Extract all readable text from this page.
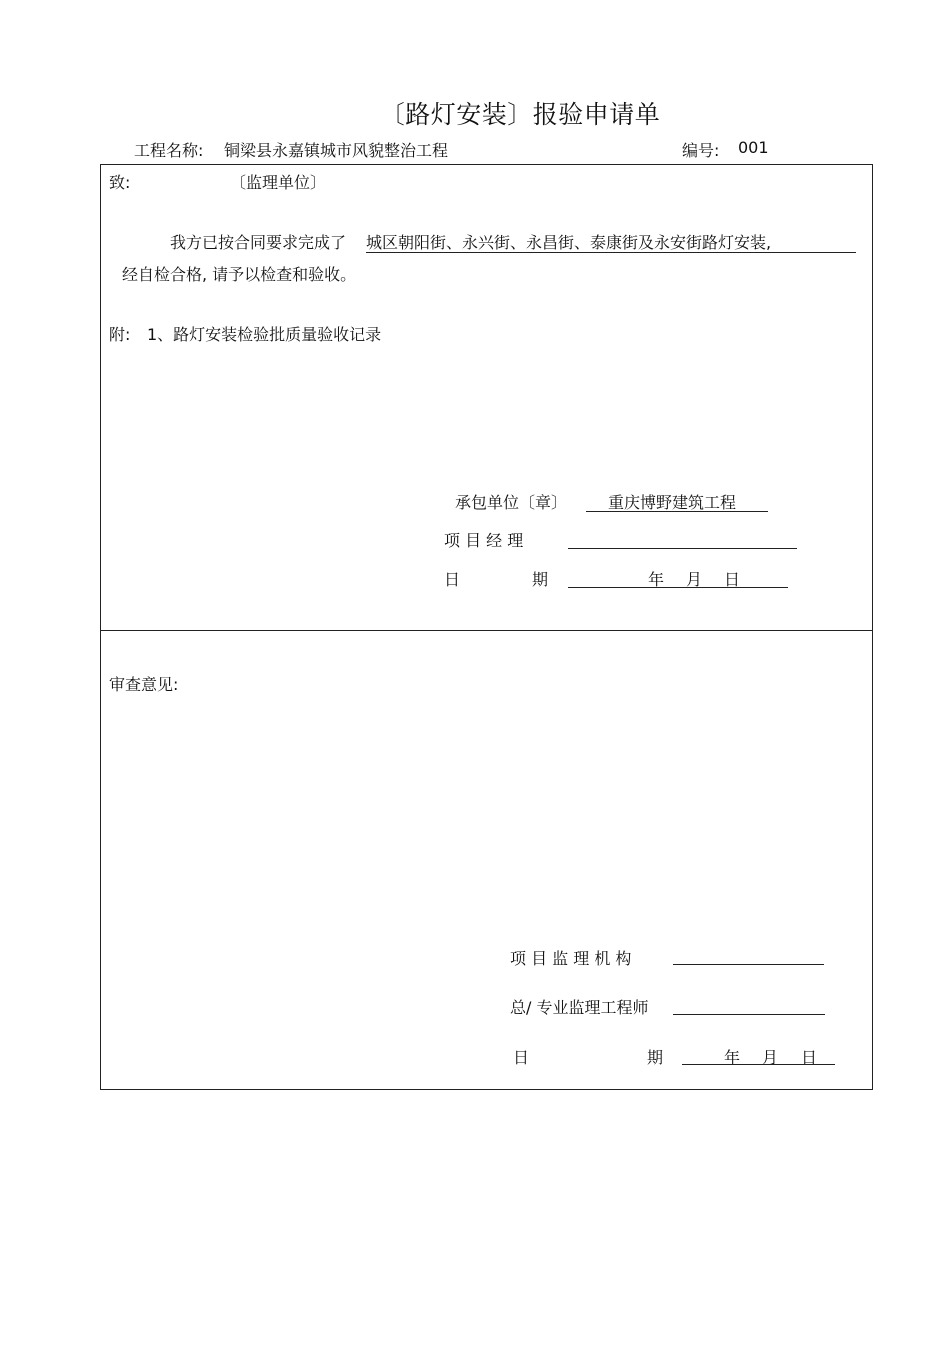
〔路灯安装〕报验申请单
工程名称: 铜梁县永嘉镇城市风貌整治工程	编号: 001
致:	〔监理单位〕
我方已按合同要求完成了 城区朝阳街、永兴街、永昌街、泰康街及永安街路灯安装,
经自检合格, 请予以检查和验收。
附: 1、路灯安装检验批质量验收记录
承包单位〔章〕	重庆博野建筑工程
项 目 经 理
日	期	年 月 日
审查意见:
项 目 监 理 机 构
总/ 专业监理工程师
日	期	年 月 日
